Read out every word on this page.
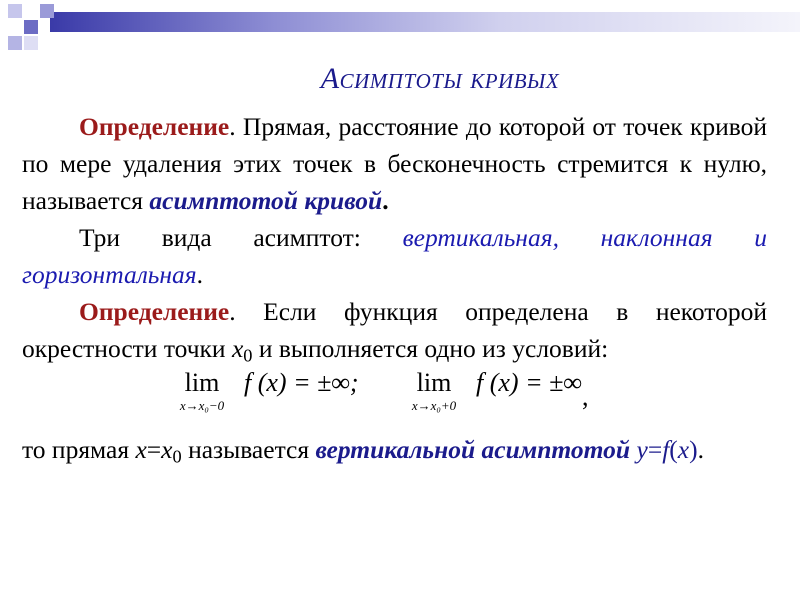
Асимптоты кривых

Определение. Прямая, расстояние до которой от точек кривой по мере удаления этих точек в бесконечность стремится к нулю, называется асимптотой кривой.

Три вида асимптот: вертикальная, наклонная и горизонтальная.

Определение. Если функция определена в некоторой окрестности точки $x_0$ и выполняется одно из условий:

lim
x→x₀−0
f (x) = ±∞;	lim
x→x₀+0
f (x) = ±∞,

то прямая $x=x_0$ называется вертикальной асимптотой y=f(x).
